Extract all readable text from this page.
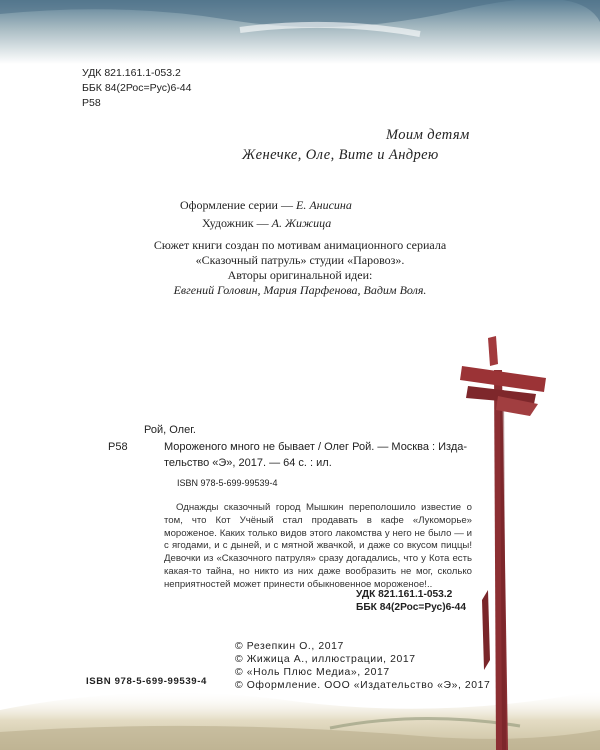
УДК 821.161.1-053.2
ББК 84(2Рос=Рус)6-44
Р58
Моим детям
Женечке, Оле, Вите и Андрею
Оформление серии — Е. Анисина
Художник — А. Жижица
Сюжет книги создан по мотивам анимационного сериала
«Сказочный патруль» студии «Паровоз».
Авторы оригинальной идеи:
Евгений Головин, Мария Парфенова, Вадим Воля.
Рой, Олег.
Р58	Мороженого много не бывает / Олег Рой. — Москва : Изда-
тельство «Э», 2017. — 64 с. : ил.
ISBN 978-5-699-99539-4
Однажды сказочный город Мышкин переполошило известие о том, что Кот Учёный стал продавать в кафе «Лукоморье» мороженое. Каких только видов этого лакомства у него не было — и с ягодами, и с дыней, и с мятной жвачкой, и даже со вкусом пиццы! Девочки из «Сказочного патруля» сразу догадались, что у Кота есть какая-то тайна, но никто из них даже вообразить не мог, сколько неприятностей может принести обыкновенное мороженое!..
УДК 821.161.1-053.2
ББК 84(2Рос=Рус)6-44
ISBN 978-5-699-99539-4
© Резепкин О., 2017
© Жижица А., иллюстрации, 2017
© «Ноль Плюс Медиа», 2017
© Оформление. ООО «Издательство «Э», 2017
